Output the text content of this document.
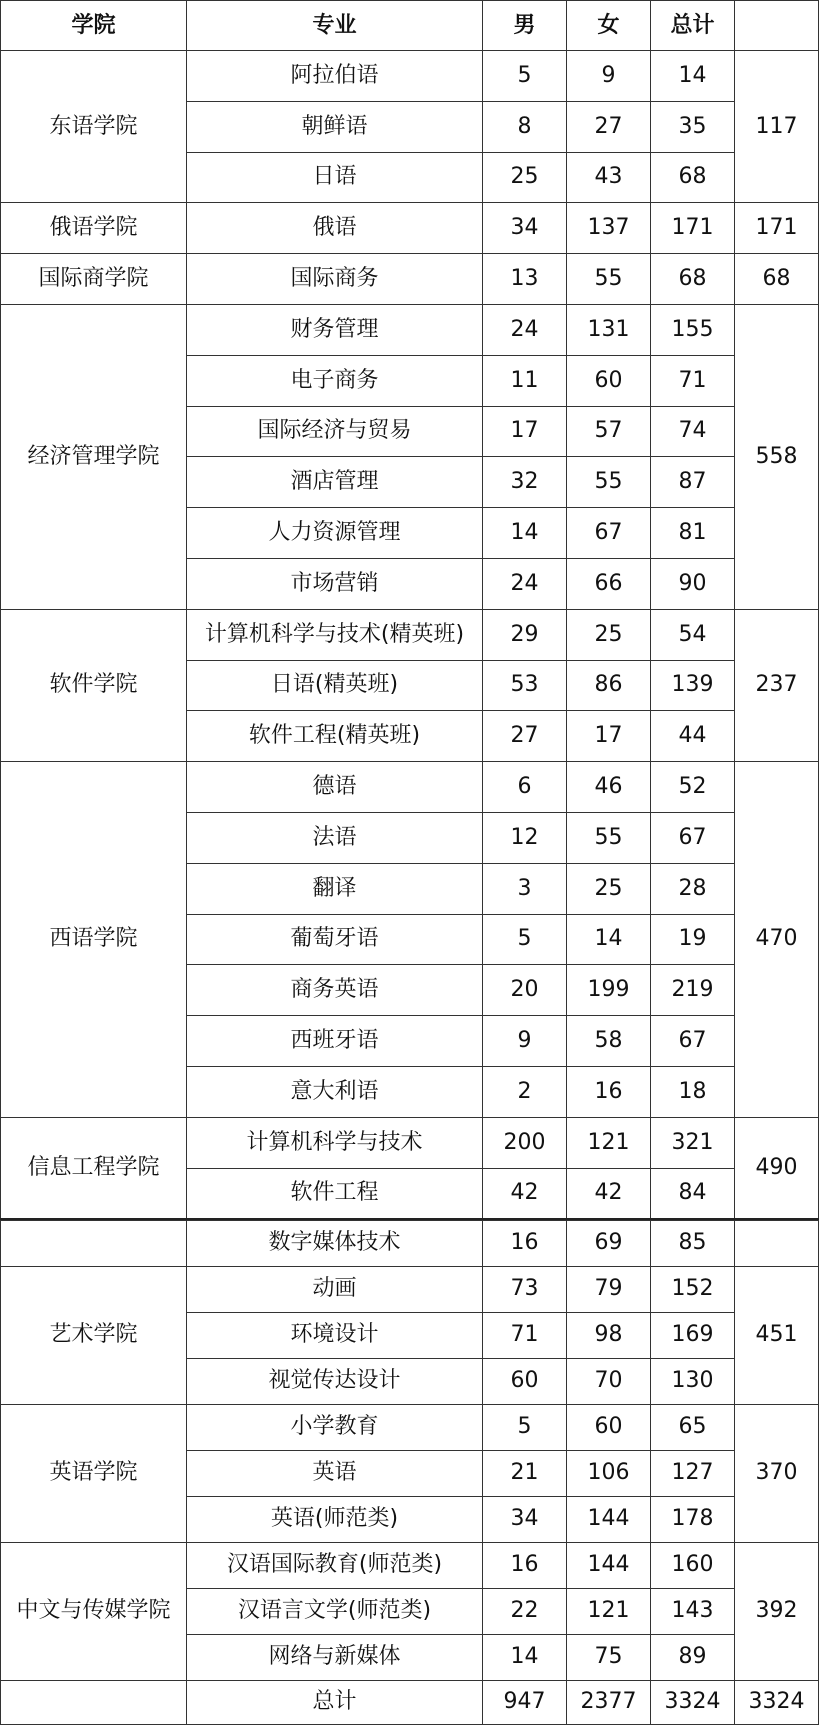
学院	专业	男	女	总计	
东语学院	阿拉伯语	5	9	14	117
	朝鲜语	8	27	35	
	日语	25	43	68	
俄语学院	俄语	34	137	171	171
国际商学院	国际商务	13	55	68	68
经济管理学院	财务管理	24	131	155	558
	电子商务	11	60	71	
	国际经济与贸易	17	57	74	
	酒店管理	32	55	87	
	人力资源管理	14	67	81	
	市场营销	24	66	90	
软件学院	计算机科学与技术(精英班)	29	25	54	237
	日语(精英班)	53	86	139	
	软件工程(精英班)	27	17	44	
西语学院	德语	6	46	52	470
	法语	12	55	67	
	翻译	3	25	28	
	葡萄牙语	5	14	19	
	商务英语	20	199	219	
	西班牙语	9	58	67	
	意大利语	2	16	18	
信息工程学院	计算机科学与技术	200	121	321	490
	软件工程	42	42	84	
	数字媒体技术	16	69	85	
艺术学院	动画	73	79	152	451
	环境设计	71	98	169	
	视觉传达设计	60	70	130	
英语学院	小学教育	5	60	65	370
	英语	21	106	127	
	英语(师范类)	34	144	178	
中文与传媒学院	汉语国际教育(师范类)	16	144	160	392
	汉语言文学(师范类)	22	121	143	
	网络与新媒体	14	75	89	
	总计	947	2377	3324	3324
